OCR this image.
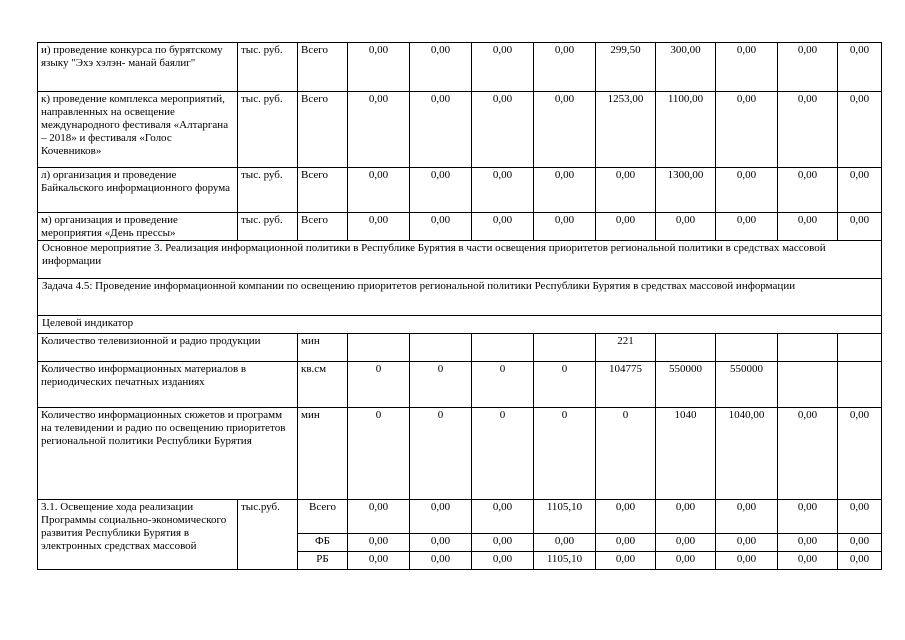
и) проведение конкурса по бурятскому языку "Эхэ хэлэн- манай баялиг"	тыс. руб.	Всего	0,00	0,00	0,00	0,00	299,50	300,00	0,00	0,00	0,00
к) проведение комплекса мероприятий, направленных на освещение международного фестиваля «Алтаргана – 2018» и фестиваля «Голос Кочевников»	тыс. руб.	Всего	0,00	0,00	0,00	0,00	1253,00	1100,00	0,00	0,00	0,00
л) организация и проведение Байкальского информационного форума	тыс. руб.	Всего	0,00	0,00	0,00	0,00	0,00	1300,00	0,00	0,00	0,00
м) организация и проведение мероприятия «День прессы»	тыс. руб.	Всего	0,00	0,00	0,00	0,00	0,00	0,00	0,00	0,00	0,00
Основное мероприятие 3. Реализация информационной политики в Республике Бурятия в части освещения приоритетов региональной политики в средствах массовой информации											
Задача 4.5: Проведение информационной компании по освещению приоритетов региональной политики Республики Бурятия в средствах массовой информации											
Целевой индикатор											
Количество телевизионной и радио продукции		мин					221				
Количество информационных материалов в периодических печатных изданиях		кв.см	0	0	0	0	104775	550000	550000		
Количество информационных сюжетов и программ на телевидении и радио по освещению приоритетов региональной политики Республики Бурятия		мин	0	0	0	0	0	1040	1040,00	0,00	0,00
3.1. Освещение хода реализации Программы социально-экономического развития Республики Бурятия в электронных средствах массовой	тыс.руб.	Всего	0,00	0,00	0,00	1105,10	0,00	0,00	0,00	0,00	0,00
		ФБ	0,00	0,00	0,00	0,00	0,00	0,00	0,00	0,00	0,00
		РБ	0,00	0,00	0,00	1105,10	0,00	0,00	0,00	0,00	0,00
